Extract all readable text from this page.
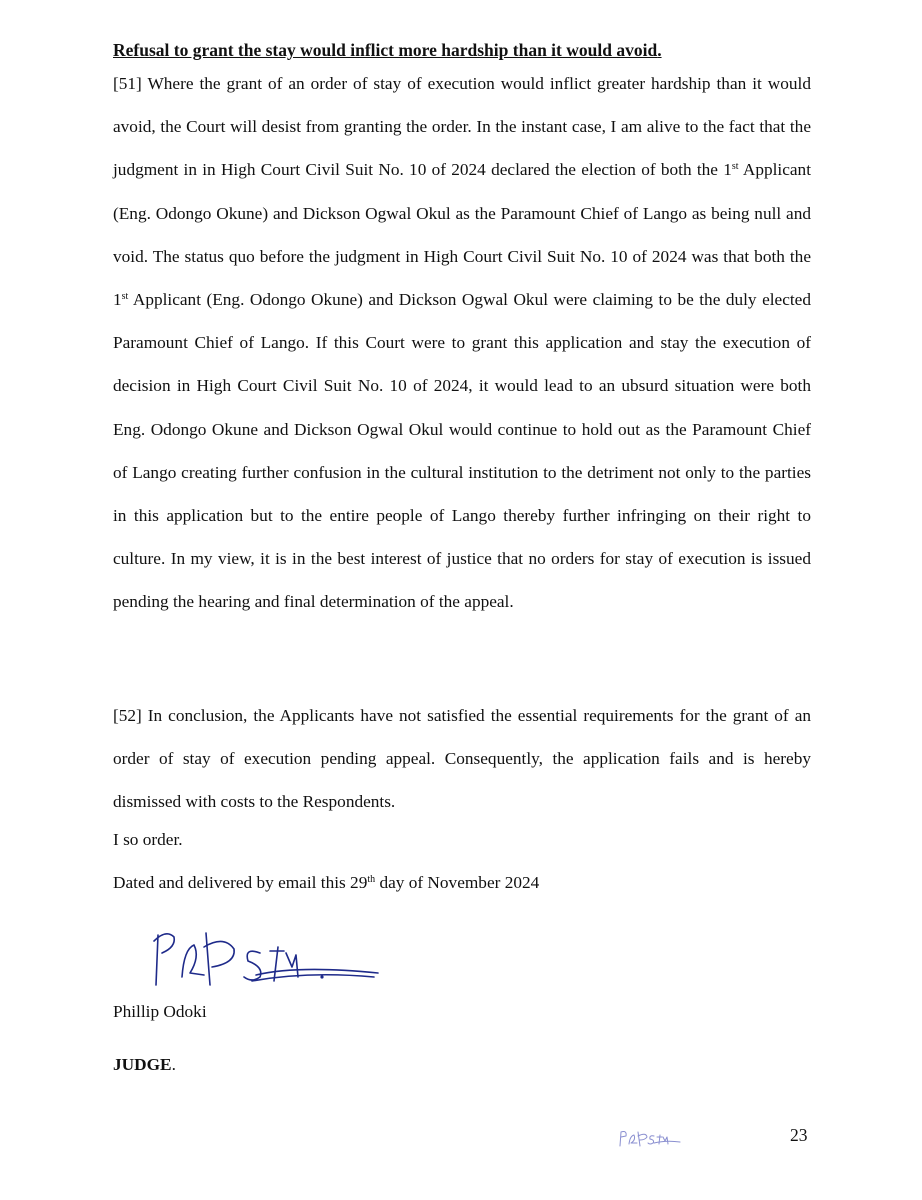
Refusal to grant the stay would inflict more hardship than it would avoid.

[51] Where the grant of an order of stay of execution would inflict greater hardship than it would avoid, the Court will desist from granting the order. In the instant case, I am alive to the fact that the judgment in in High Court Civil Suit No. 10 of 2024 declared the election of both the 1st Applicant (Eng. Odongo Okune) and Dickson Ogwal Okul as the Paramount Chief of Lango as being null and void. The status quo before the judgment in High Court Civil Suit No. 10 of 2024 was that both the 1st Applicant (Eng. Odongo Okune) and Dickson Ogwal Okul were claiming to be the duly elected Paramount Chief of Lango. If this Court were to grant this application and stay the execution of decision in High Court Civil Suit No. 10 of 2024, it would lead to an ubsurd situation were both Eng. Odongo Okune and Dickson Ogwal Okul would continue to hold out as the Paramount Chief of Lango creating further confusion in the cultural institution to the detriment not only to the parties in this application but to the entire people of Lango thereby further infringing on their right to culture. In my view, it is in the best interest of justice that no orders for stay of execution is issued pending the hearing and final determination of the appeal.

[52] In conclusion, the Applicants have not satisfied the essential requirements for the grant of an order of stay of execution pending appeal. Consequently, the application fails and is hereby dismissed with costs to the Respondents.

I so order.
Dated and delivered by email this 29th day of November 2024
Phillip Odoki
JUDGE.
23
